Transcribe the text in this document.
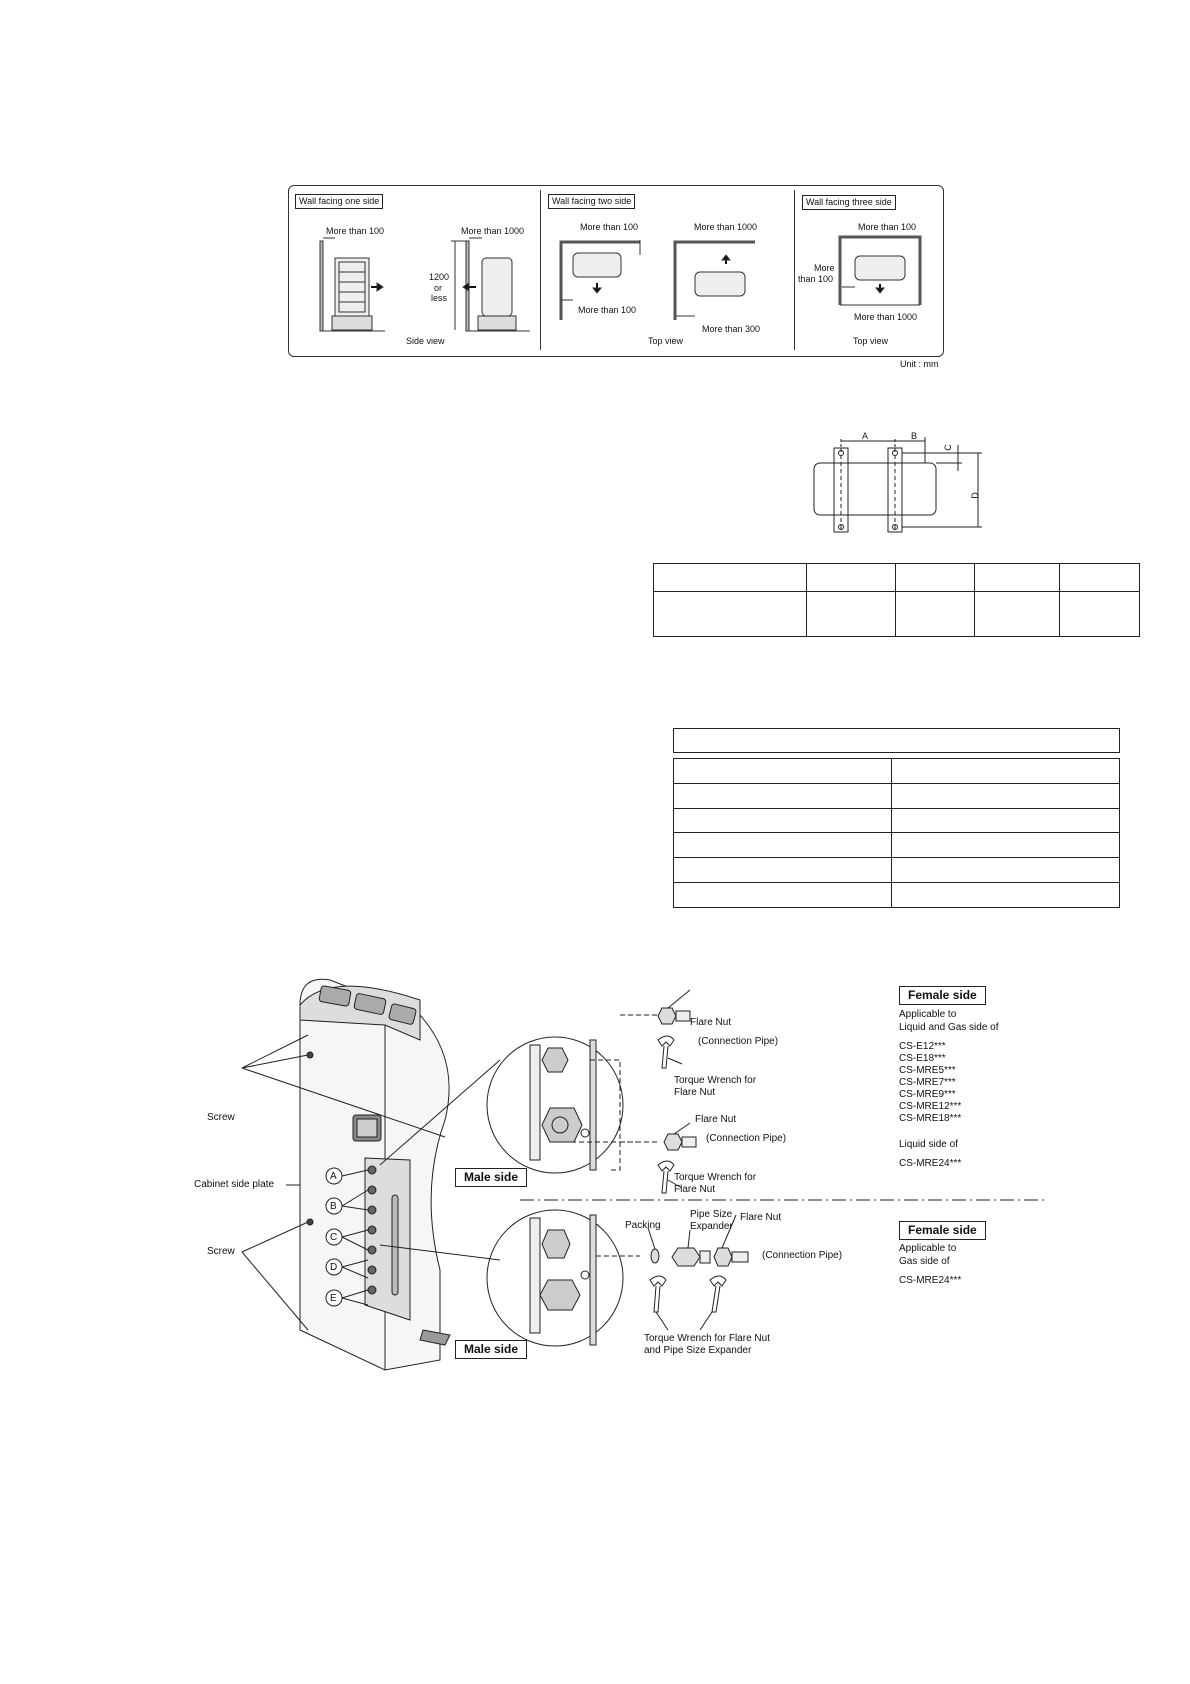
Wall facing one side
More than 100	More than 1000
1200
or
less
Side view
Wall facing two side
More than 100	More than 1000
More than 100
More than 300
Top view
Wall facing three side
More than 100
More
than 100
More than 1000
Top view
Unit : mm
A	B
C
D

Screw
Cabinet side plate
Screw
A
B
C
D
E
Male side
Male side
Flare Nut
(Connection Pipe)
Torque Wrench for
Flare Nut
Flare Nut
(Connection Pipe)
Torque Wrench for
Flare Nut
Packing
Pipe Size
Expander
Flare Nut
(Connection Pipe)
Torque Wrench for Flare Nut
and Pipe Size Expander
Female side
Applicable to
Liquid and Gas side of
CS-E12***
CS-E18***
CS-MRE5***
CS-MRE7***
CS-MRE9***
CS-MRE12***
CS-MRE18***
Liquid side of
CS-MRE24***
Female side
Applicable to
Gas side of
CS-MRE24***
